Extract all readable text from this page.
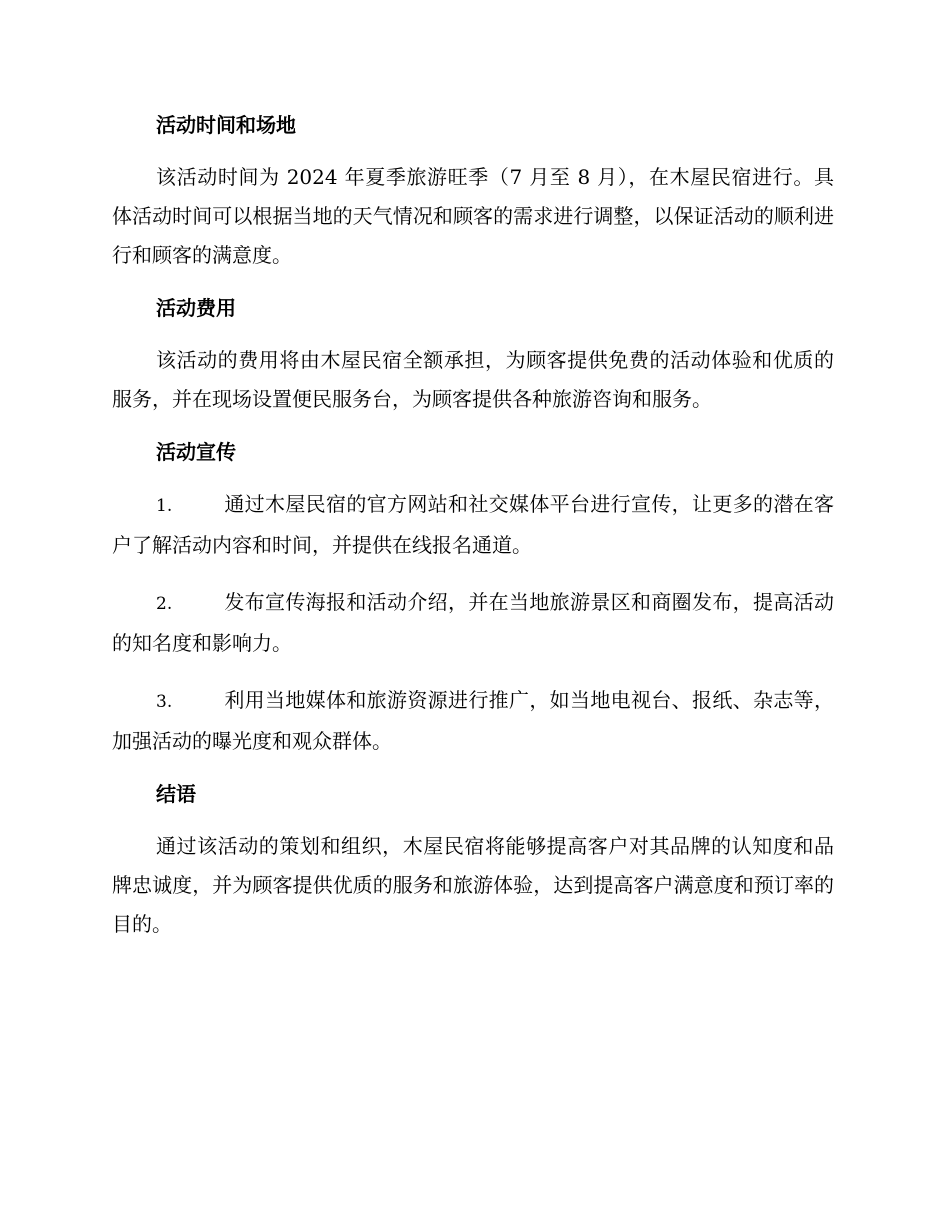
活动时间和场地

该活动时间为 2024 年夏季旅游旺季（7 月至 8 月），在木屋民宿进行。具体活动时间可以根据当地的天气情况和顾客的需求进行调整，以保证活动的顺利进行和顾客的满意度。

活动费用

该活动的费用将由木屋民宿全额承担，为顾客提供免费的活动体验和优质的服务，并在现场设置便民服务台，为顾客提供各种旅游咨询和服务。

活动宣传

1.	通过木屋民宿的官方网站和社交媒体平台进行宣传，让更多的潜在客户了解活动内容和时间，并提供在线报名通道。

2.	发布宣传海报和活动介绍，并在当地旅游景区和商圈发布，提高活动的知名度和影响力。

3.	利用当地媒体和旅游资源进行推广，如当地电视台、报纸、杂志等，加强活动的曝光度和观众群体。

结语

通过该活动的策划和组织，木屋民宿将能够提高客户对其品牌的认知度和品牌忠诚度，并为顾客提供优质的服务和旅游体验，达到提高客户满意度和预订率的目的。
